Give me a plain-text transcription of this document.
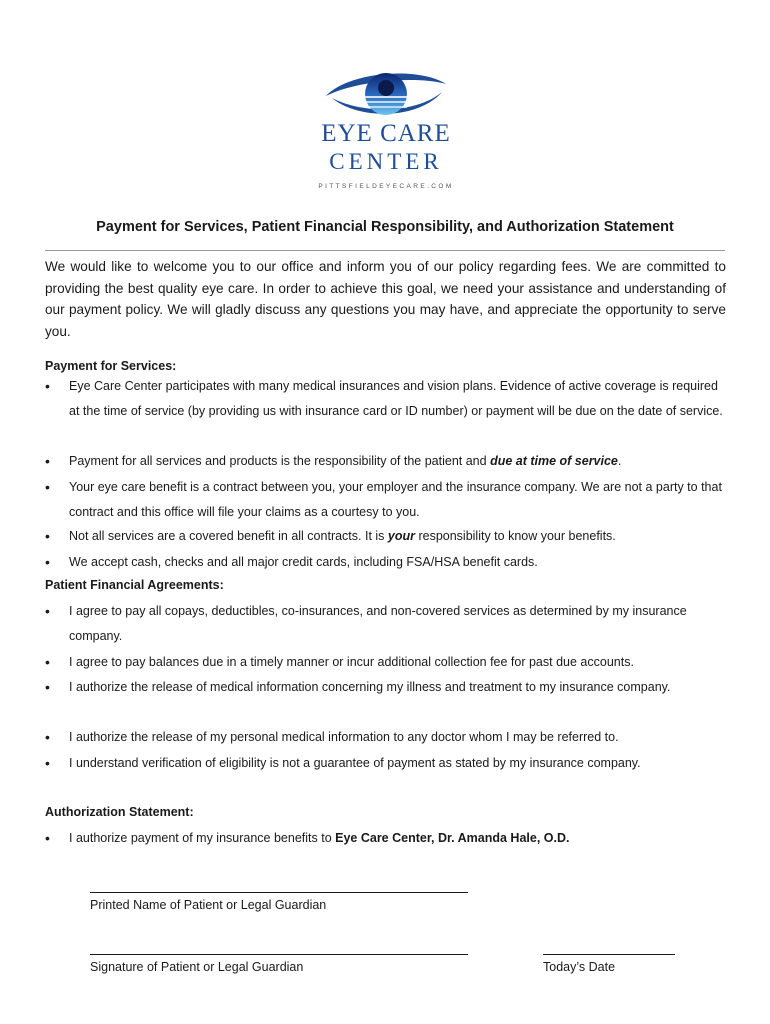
EYE CARE
CENTER
PITTSFIELDEYECARE.COM
Payment for Services, Patient Financial Responsibility, and Authorization Statement
We would like to welcome you to our office and inform you of our policy regarding fees. We are committed to providing the best quality eye care. In order to achieve this goal, we need your assistance and understanding of our payment policy. We will gladly discuss any questions you may have, and appreciate the opportunity to serve you.
Payment for Services:
• Eye Care Center participates with many medical insurances and vision plans. Evidence of active coverage is required at the time of service (by providing us with insurance card or ID number) or payment will be due on the date of service.
• Payment for all services and products is the responsibility of the patient and due at time of service.
• Your eye care benefit is a contract between you, your employer and the insurance company. We are not a party to that contract and this office will file your claims as a courtesy to you.
• Not all services are a covered benefit in all contracts. It is your responsibility to know your benefits.
• We accept cash, checks and all major credit cards, including FSA/HSA benefit cards.
Patient Financial Agreements:
• I agree to pay all copays, deductibles, co-insurances, and non-covered services as determined by my insurance company.
• I agree to pay balances due in a timely manner or incur additional collection fee for past due accounts.
• I authorize the release of medical information concerning my illness and treatment to my insurance company.
• I authorize the release of my personal medical information to any doctor whom I may be referred to.
• I understand verification of eligibility is not a guarantee of payment as stated by my insurance company.
Authorization Statement:
• I authorize payment of my insurance benefits to Eye Care Center, Dr. Amanda Hale, O.D.
Printed Name of Patient or Legal Guardian
Signature of Patient or Legal Guardian	Today’s Date
